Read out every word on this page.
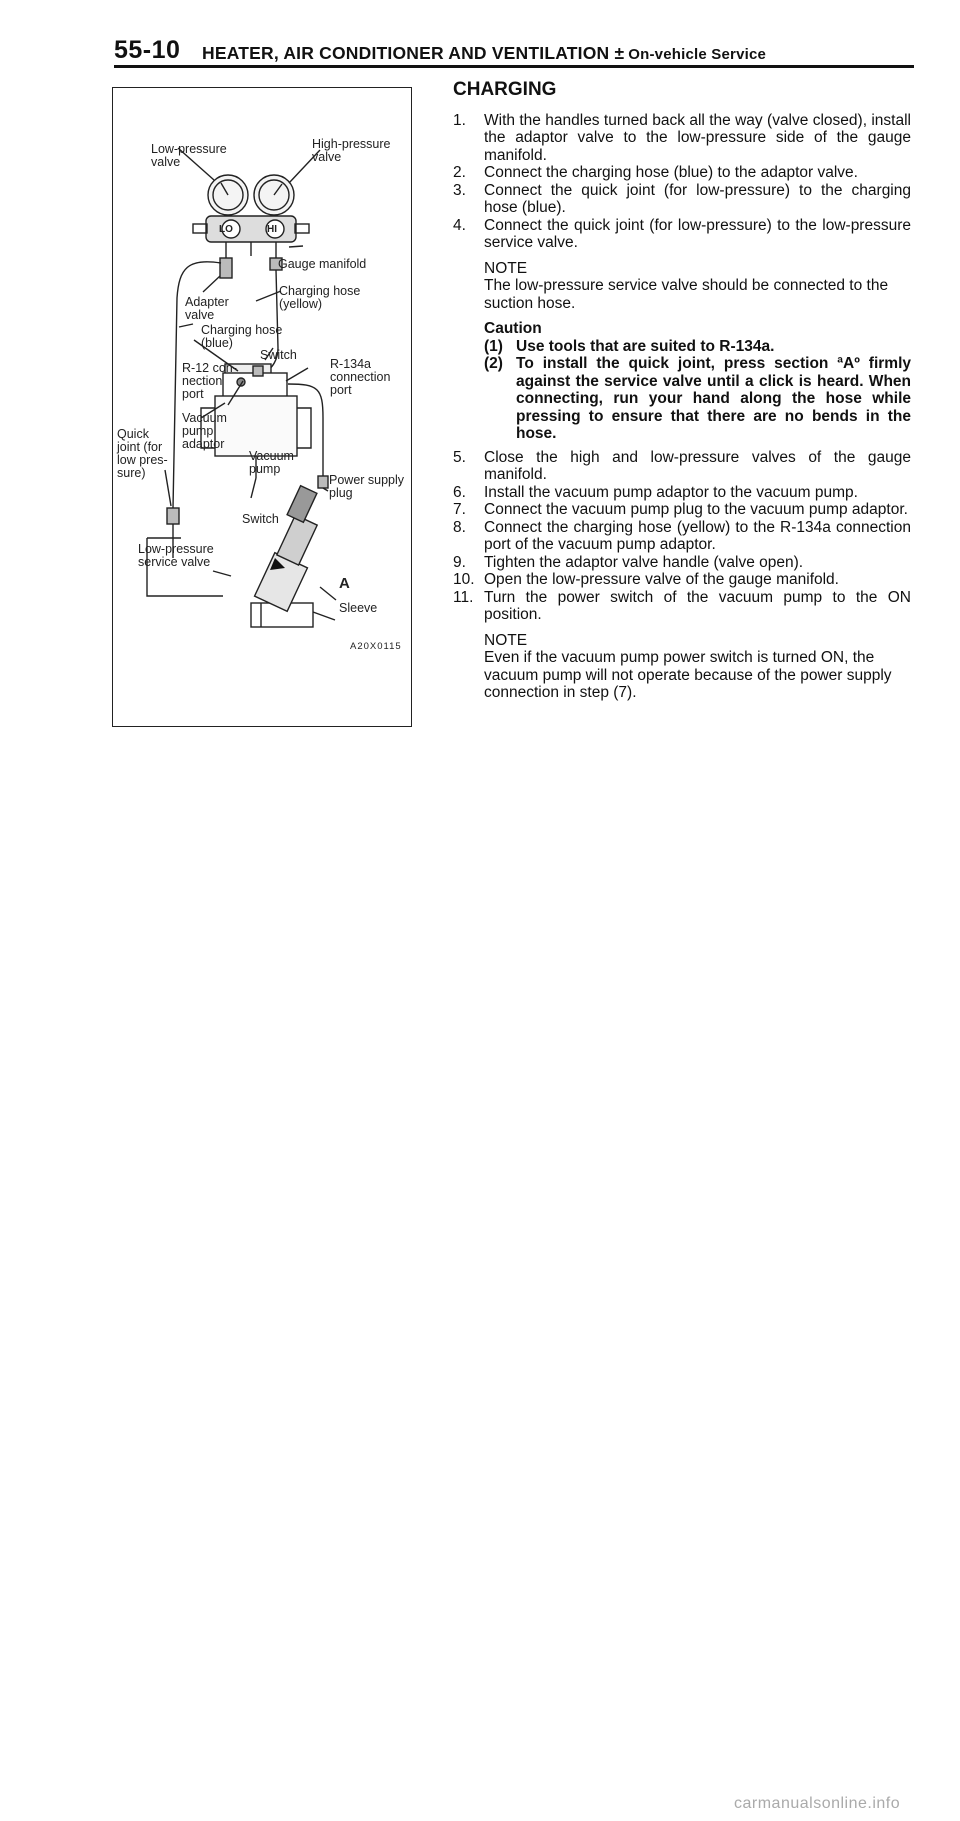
55-10 HEATER, AIR CONDITIONER AND VENTILATION ± On-vehicle Service
Low-pressure
valve
High-pressure
valve
LO	HI
Gauge manifold
Adapter
valve
Charging hose
(yellow)
Charging hose
(blue)
R-12 con-
nection
port
Switch
R-134a
connection
port
Vacuum
pump
adaptor
Quick
joint (for
low pres-
sure)
Vacuum
pump
Power supply
plug
Switch
Low-pressure
service valve
A
Sleeve
A20X0115
CHARGING
1. With the handles turned back all the way (valve closed), install the adaptor valve to the low-pressure side of the gauge manifold.
2. Connect the charging hose (blue) to the adaptor valve.
3. Connect the quick joint (for low-pressure) to the charging hose (blue).
4. Connect the quick joint (for low-pressure) to the low-pressure service valve.
NOTE
The low-pressure service valve should be connected to the suction hose.
Caution
(1) Use tools that are suited to R-134a.
(2) To install the quick joint, press section ªAº firmly against the service valve until a click is heard. When connecting, run your hand along the hose while pressing to ensure that there are no bends in the hose.
5. Close the high and low-pressure valves of the gauge manifold.
6. Install the vacuum pump adaptor to the vacuum pump.
7. Connect the vacuum pump plug to the vacuum pump adaptor.
8. Connect the charging hose (yellow) to the R-134a connection port of the vacuum pump adaptor.
9. Tighten the adaptor valve handle (valve open).
10. Open the low-pressure valve of the gauge manifold.
11. Turn the power switch of the vacuum pump to the ON position.
NOTE
Even if the vacuum pump power switch is turned ON, the vacuum pump will not operate because of the power supply connection in step (7).
carmanualsonline.info
